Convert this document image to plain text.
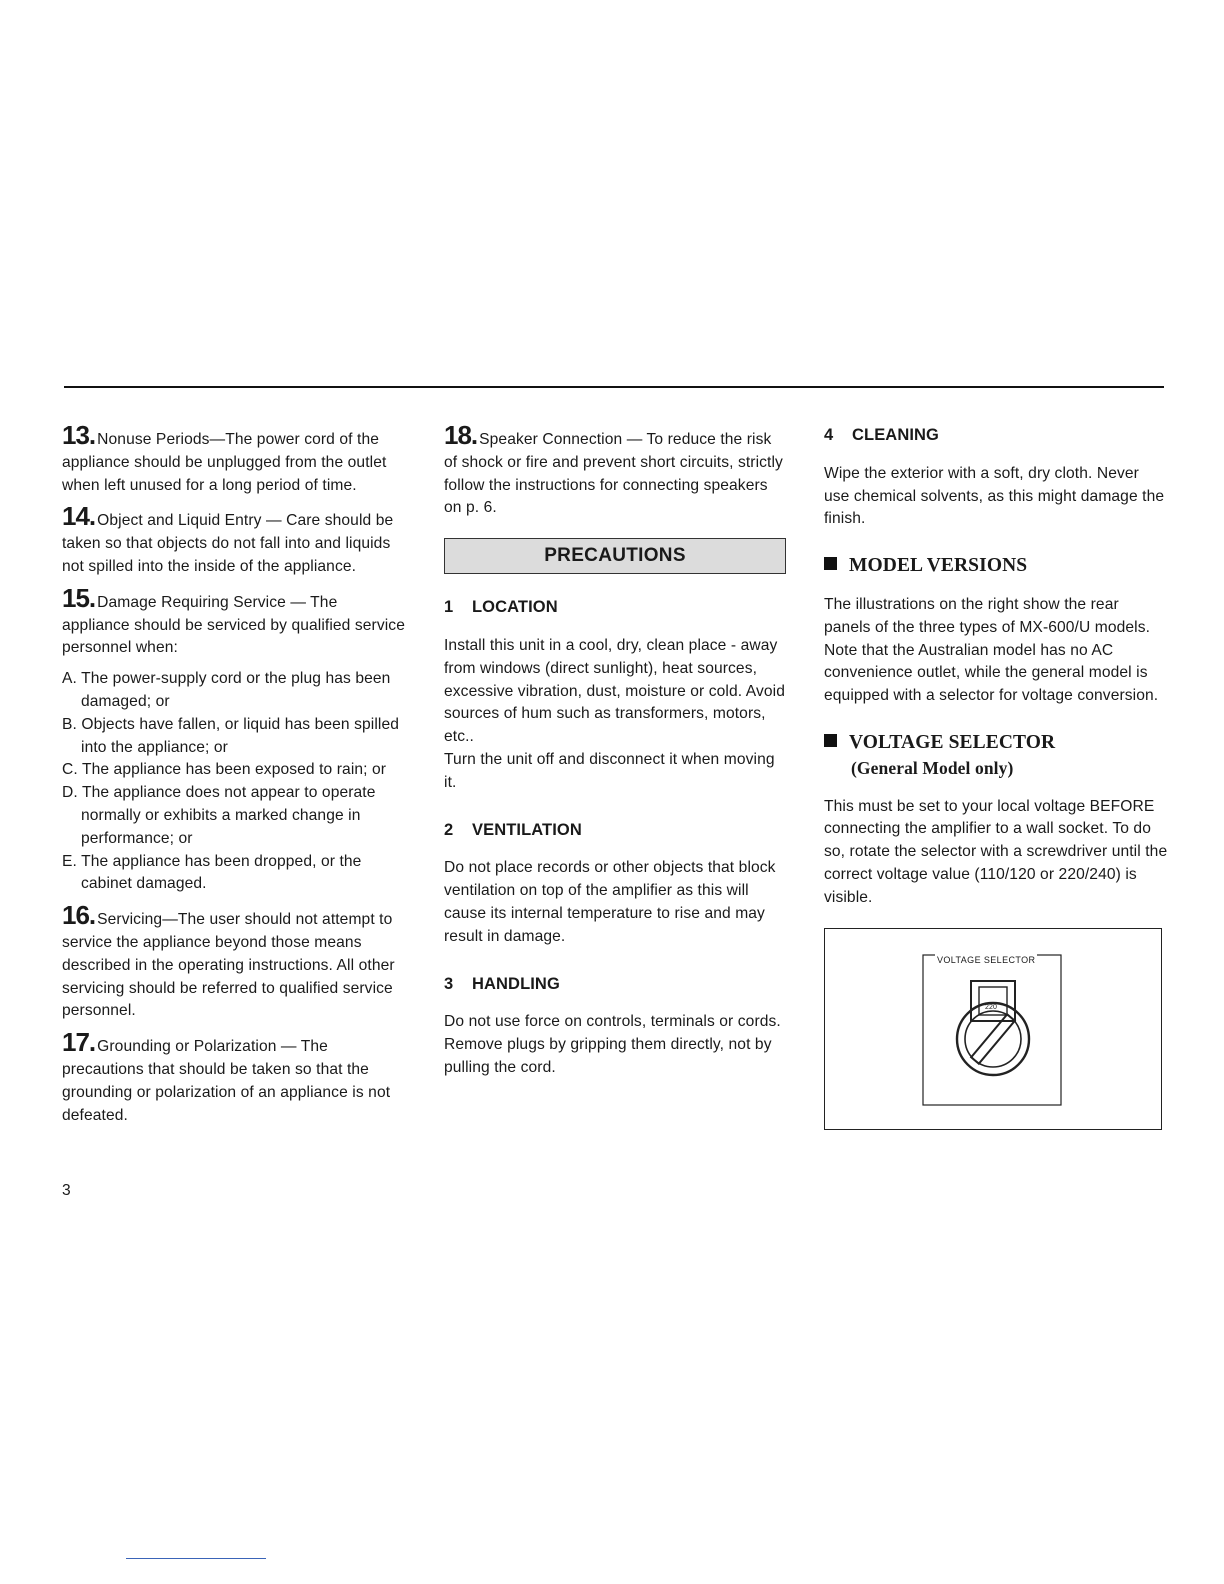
13. Nonuse Periods—The power cord of the appliance should be unplugged from the outlet when left unused for a long period of time.

14. Object and Liquid Entry — Care should be taken so that objects do not fall into and liquids not spilled into the inside of the appliance.

15. Damage Requiring Service — The appliance should be serviced by qualified service personnel when:

A. The power-supply cord or the plug has been damaged; or

B. Objects have fallen, or liquid has been spilled into the appliance; or

C. The appliance has been exposed to rain; or

D. The appliance does not appear to operate normally or exhibits a marked change in performance; or

E. The appliance has been dropped, or the cabinet damaged.

16. Servicing—The user should not attempt to service the appliance beyond those means described in the operating instructions. All other servicing should be referred to qualified service personnel.

17. Grounding or Polarization — The precautions that should be taken so that the grounding or polarization of an appliance is not defeated.

3

18. Speaker Connection — To reduce the risk of shock or fire and prevent short circuits, strictly follow the instructions for connecting speakers on p. 6.

PRECAUTIONS

1 LOCATION

Install this unit in a cool, dry, clean place - away from windows (direct sunlight), heat sources, excessive vibration, dust, moisture or cold. Avoid sources of hum such as transformers, motors, etc..

Turn the unit off and disconnect it when moving it.

2 VENTILATION

Do not place records or other objects that block ventilation on top of the amplifier as this will cause its internal temperature to rise and may result in damage.

3 HANDLING

Do not use force on controls, terminals or cords. Remove plugs by gripping them directly, not by pulling the cord.

4 CLEANING

Wipe the exterior with a soft, dry cloth. Never use chemical solvents, as this might damage the finish.

MODEL VERSIONS

The illustrations on the right show the rear panels of the three types of MX-600/U models. Note that the Australian model has no AC convenience outlet, while the general model is equipped with a selector for voltage conversion.

VOLTAGE SELECTOR

(General Model only)

This must be set to your local voltage BEFORE connecting the amplifier to a wall socket. To do so, rotate the selector with a screwdriver until the correct voltage value (110/120 or 220/240) is visible.

VOLTAGE SELECTOR
220
